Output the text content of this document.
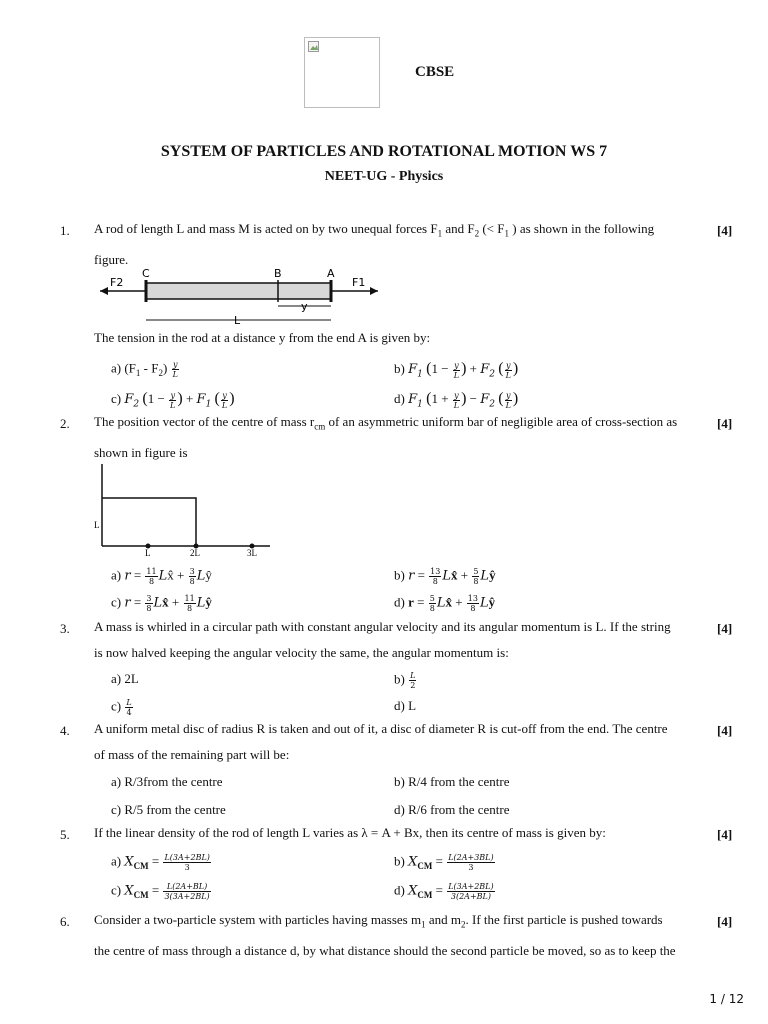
CBSE
SYSTEM OF PARTICLES AND ROTATIONAL MOTION WS 7
NEET-UG - Physics
1.	[4]
A rod of length L and mass M is acted on by two unequal forces $F_1$ and $F_2$ (< $F_1$ ) as shown in the following
figure.
F2
C	B	A
F1
y
L
The tension in the rod at a distance y from the end A is given by:
a) $(F_1 - F_2) \frac{y}{L}$	b) $F_1$ ($1 - \frac{y}{L}$ ) + $F_2$ ( $\frac{y}{L}$ )
c) $F_2$ ($1 - \frac{y}{L}$ ) + $F_1$ ( $\frac{y}{L}$ )	d) $F_1$ ($1 + \frac{y}{L}$ ) − $F_2$ ( $\frac{y}{L}$ )
2.	[4]
The position vector of the centre of mass $r_{cm}$ of an asymmetric uniform bar of negligible area of cross-section as
shown in figure is
L
L	2L	3L
a) $r = \frac{11}{8}$ Lx̂ + $\frac{3}{8}$ Lŷ	b) $r = \frac{13}{8}$ Lx̂ + $\frac{5}{8}$ Lŷ
c) $r = \frac{3}{8}$ Lx̂ + $\frac{11}{8}$ Lŷ	d) $r = \frac{5}{8}$ Lx̂ + $\frac{13}{8}$ Lŷ
3.	[4]
A mass is whirled in a circular path with constant angular velocity and its angular momentum is L. If the string
is now halved keeping the angular velocity the same, the angular momentum is:
a) 2L	$b) \frac{L}{2}$
$c) \frac{L}{4}$	d) L
4.	[4]
A uniform metal disc of radius R is taken and out of it, a disc of diameter R is cut-off from the end. The centre
of mass of the remaining part will be:
a) R/3from the centre	b) R/4 from the centre
c) R/5 from the centre	d) R/6 from the centre
5.	[4]
If the linear density of the rod of length L varies as λ = A + Bx, then its centre of mass is given by:
a) $X_{CM} = \frac{L(3A+2BL)}{3}$	b) $X_{CM} = \frac{L(2A+3BL)}{3}$
c) $X_{CM} = \frac{L(2A+BL)}{3(3A+2BL)}$	d) $X_{CM} = \frac{L(3A+2BL)}{3(2A+BL)}$
6.	[4]
Consider a two-particle system with particles having masses $m_1$ and $m_2$. If the first particle is pushed towards
the centre of mass through a distance d, by what distance should the second particle be moved, so as to keep the
1 / 12
